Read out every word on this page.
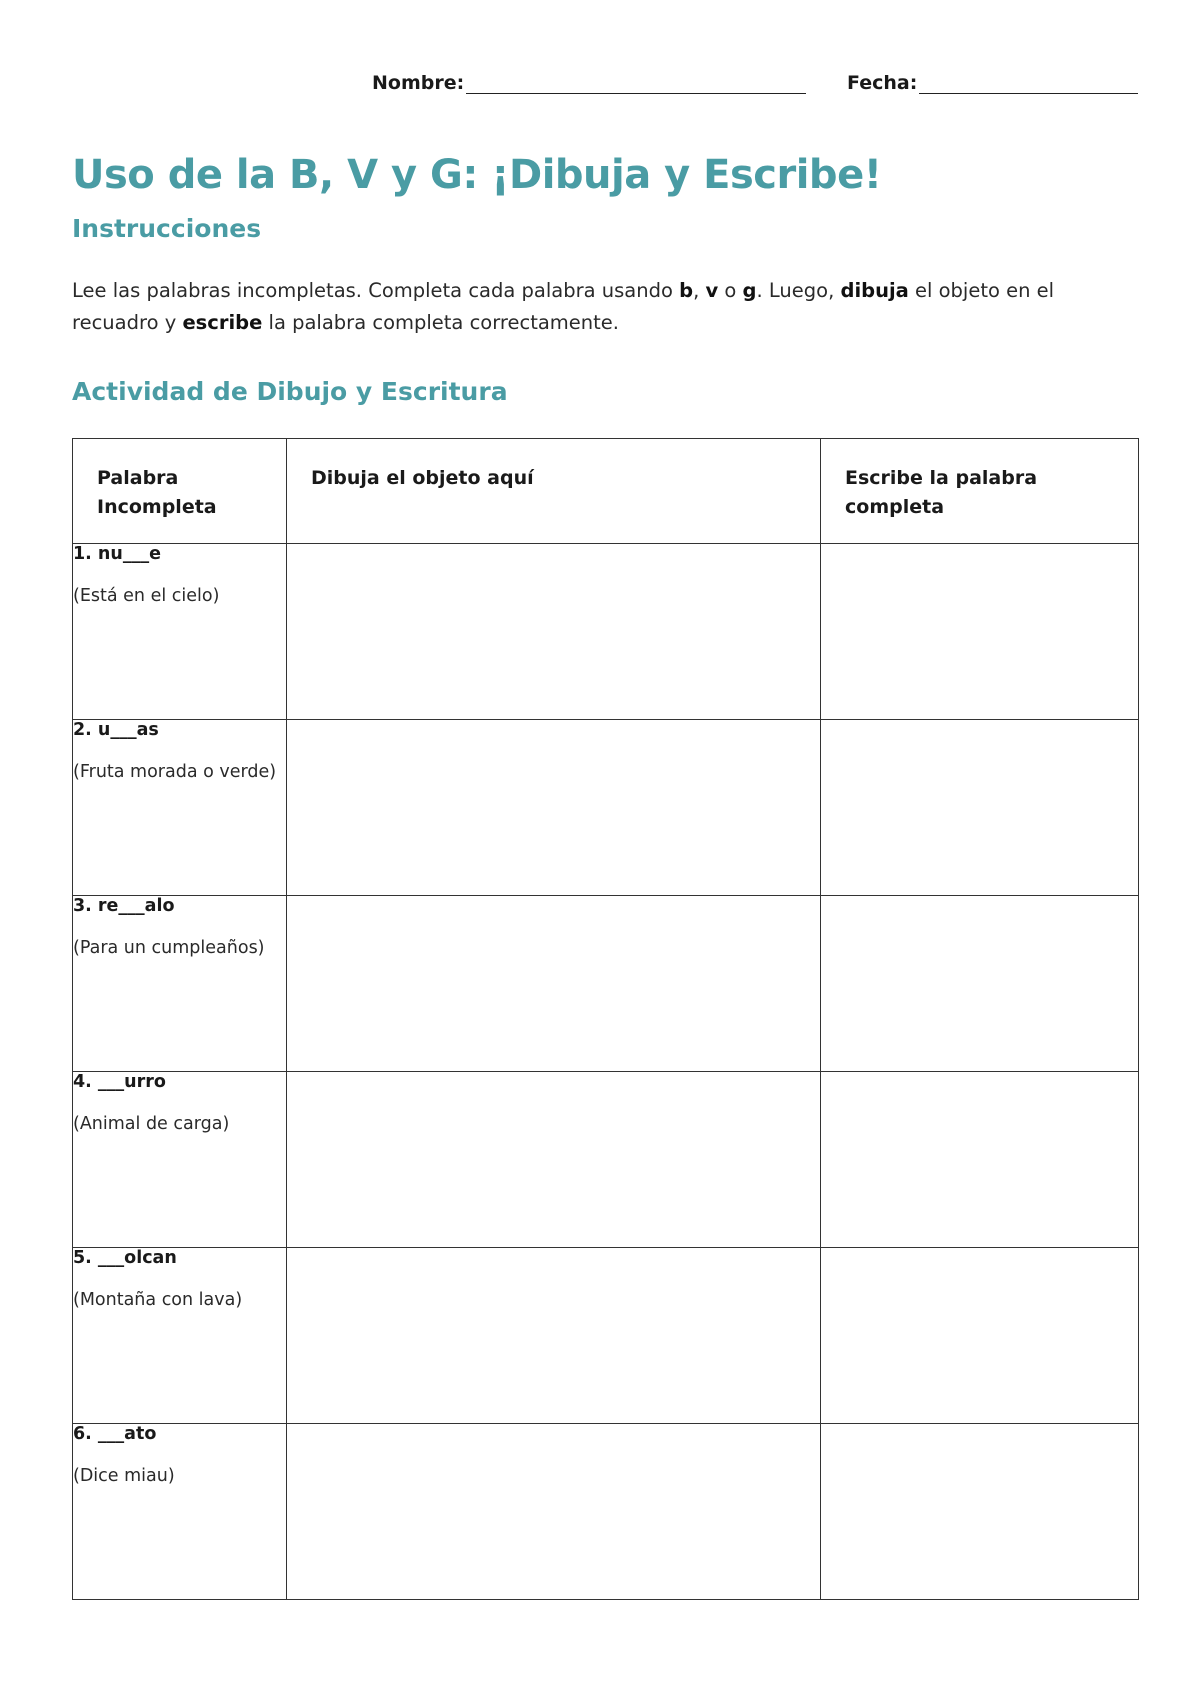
Nombre:	Fecha:
Uso de la B, V y G: ¡Dibuja y Escribe!
Instrucciones

Lee las palabras incompletas. Completa cada palabra usando b, v o g. Luego, dibuja el objeto en el recuadro y escribe la palabra completa correctamente.

Actividad de Dibujo y Escritura
Palabra Incompleta	Dibuja el objeto aquí	Escribe la palabra completa

1. nu___e

(Está en el cielo)		

2. u___as

(Fruta morada o verde)		

3. re___alo

(Para un cumpleaños)		

4. ___urro

(Animal de carga)		

5. ___olcan

(Montaña con lava)		

6. ___ato

(Dice miau)		
